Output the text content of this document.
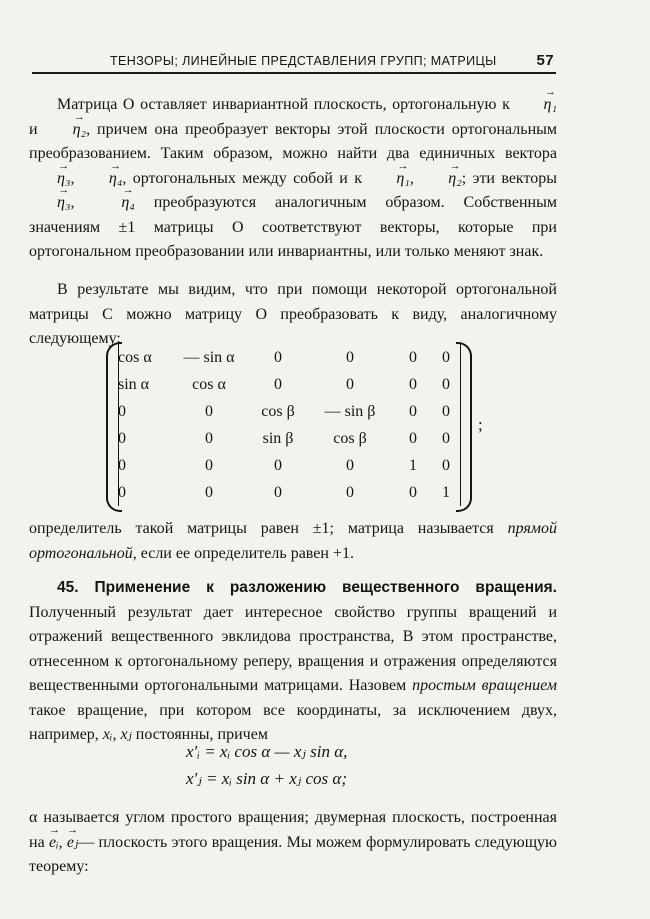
ТЕНЗОРЫ; ЛИНЕЙНЫЕ ПРЕДСТАВЛЕНИЯ ГРУПП; МАТРИЦЫ	57

Матрица O оставляет инвариантной плоскость, ортогональную к → η₁ и → η₂, причем она преобразует векторы этой плоскости ортогональным преобразованием. Таким образом, можно найти два единичных вектора → η₃, → η₄, ортогональных между собой и к → η₁, → η₂; эти векторы → η₃, → η₄ преобразуются аналогичным образом. Собственным значениям ±1 матрицы O соответствуют векторы, которые при ортогональном преобразовании или инвариантны, или только меняют знак.

В результате мы видим, что при помощи некоторой ортогональной матрицы C можно матрицу O преобразовать к виду, аналогичному следующему:

cos α	— sin α	0	0	0	0
sin α	cos α	0	0	0	0
0	0	cos β	— sin β	0	0
0	0	sin β	cos β	0	0
0	0	0	0	1	0
0	0	0	0	0	1
;

определитель такой матрицы равен ±1; матрица называется прямой ортогональной, если ее определитель равен +1.

45. Применение к разложению вещественного вращения. Полученный результат дает интересное свойство группы вращений и отражений вещественного эвклидова пространства, В этом пространстве, отнесенном к ортогональному реперу, вращения и отражения определяются вещественными ортогональными матрицами. Назовем простым вращением такое вращение, при котором все координаты, за исключением двух, например, xᵢ, xⱼ постоянны, причем

x′ᵢ = xᵢ cos α — xⱼ sin α,
x′ⱼ = xᵢ sin α + xⱼ cos α;

α называется углом простого вращения; двумерная плоскость, построенная на → eᵢ, → eⱼ— плоскость этого вращения. Мы можем формулировать следующую теорему:
